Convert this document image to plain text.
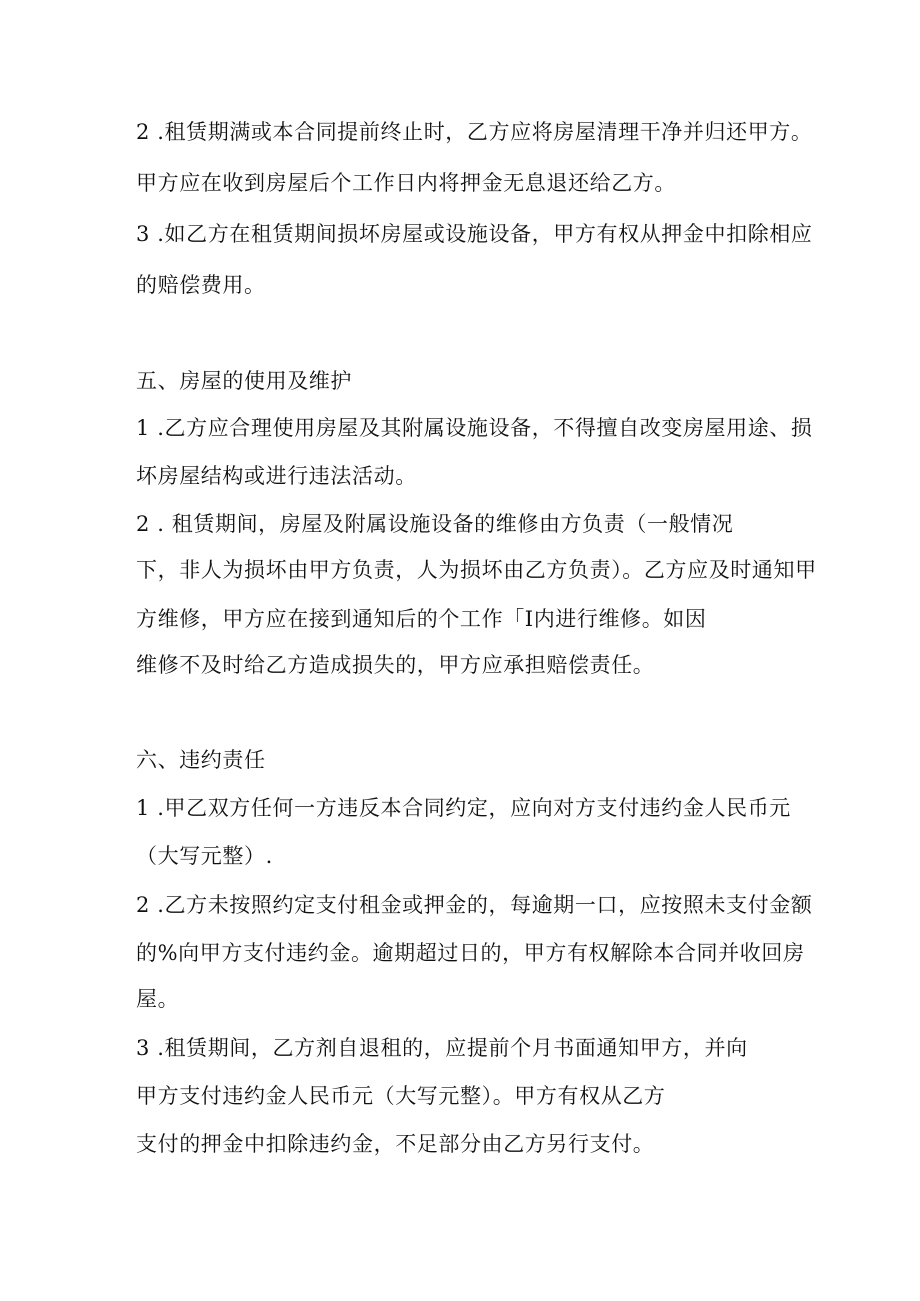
2 .租赁期满或本合同提前终止时，乙方应将房屋清理干净并归还甲方。
甲方应在收到房屋后个工作日内将押金无息退还给乙方。
3 .如乙方在租赁期间损坏房屋或设施设备，甲方有权从押金中扣除相应
的赔偿费用。
五、房屋的使用及维护
1 .乙方应合理使用房屋及其附属设施设备，不得擅自改变房屋用途、损
坏房屋结构或进行违法活动。
2 . 租赁期间，房屋及附属设施设备的维修由方负责（一般情况
下，非人为损坏由甲方负责，人为损坏由乙方负责）。乙方应及时通知甲
方维修，甲方应在接到通知后的个工作「I内进行维修。如因
维修不及时给乙方造成损失的，甲方应承担赔偿责任。
六、违约责任
1 .甲乙双方任何一方违反本合同约定，应向对方支付违约金人民币元
（大写元整）.
2 .乙方未按照约定支付租金或押金的，每逾期一口，应按照未支付金额
的%向甲方支付违约金。逾期超过日的，甲方有权解除本合同并收回房
屋。
3 .租赁期间，乙方剂自退租的，应提前个月书面通知甲方，并向
甲方支付违约金人民币元（大写元整）。甲方有权从乙方
支付的押金中扣除违约金，不足部分由乙方另行支付。
